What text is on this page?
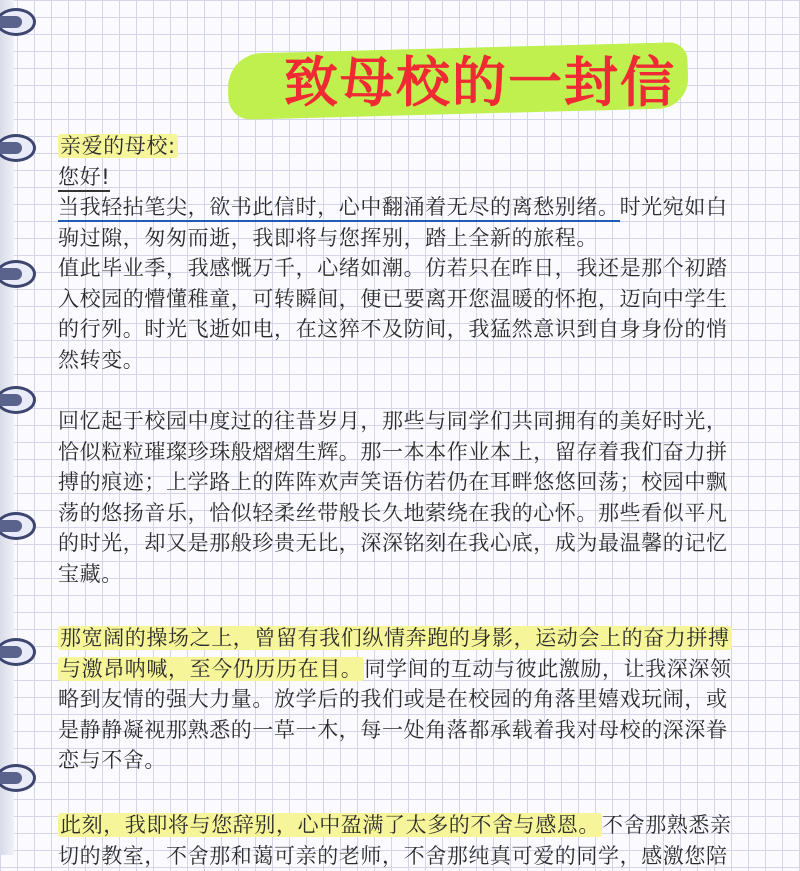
致母校的一封信
亲爱的母校:
您好!
当我轻拈笔尖，欲书此信时，心中翻涌着无尽的离愁别绪。时光宛如白
驹过隙，匆匆而逝，我即将与您挥别，踏上全新的旅程。
值此毕业季，我感慨万千，心绪如潮。仿若只在昨日，我还是那个初踏
入校园的懵懂稚童，可转瞬间，便已要离开您温暖的怀抱，迈向中学生
的行列。时光飞逝如电，在这猝不及防间，我猛然意识到自身身份的悄
然转变。
回忆起于校园中度过的往昔岁月，那些与同学们共同拥有的美好时光，
恰似粒粒璀璨珍珠般熠熠生辉。那一本本作业本上，留存着我们奋力拼
搏的痕迹；上学路上的阵阵欢声笑语仿若仍在耳畔悠悠回荡；校园中飘
荡的悠扬音乐，恰似轻柔丝带般长久地萦绕在我的心怀。那些看似平凡
的时光，却又是那般珍贵无比，深深铭刻在我心底，成为最温馨的记忆
宝藏。
那宽阔的操场之上，曾留有我们纵情奔跑的身影，运动会上的奋力拼搏
与激昂呐喊，至今仍历历在目。同学间的互动与彼此激励，让我深深领
略到友情的强大力量。放学后的我们或是在校园的角落里嬉戏玩闹，或
是静静凝视那熟悉的一草一木，每一处角落都承载着我对母校的深深眷
恋与不舍。
此刻，我即将与您辞别，心中盈满了太多的不舍与感恩。不舍那熟悉亲
切的教室，不舍那和蔼可亲的老师，不舍那纯真可爱的同学，感激您陪
